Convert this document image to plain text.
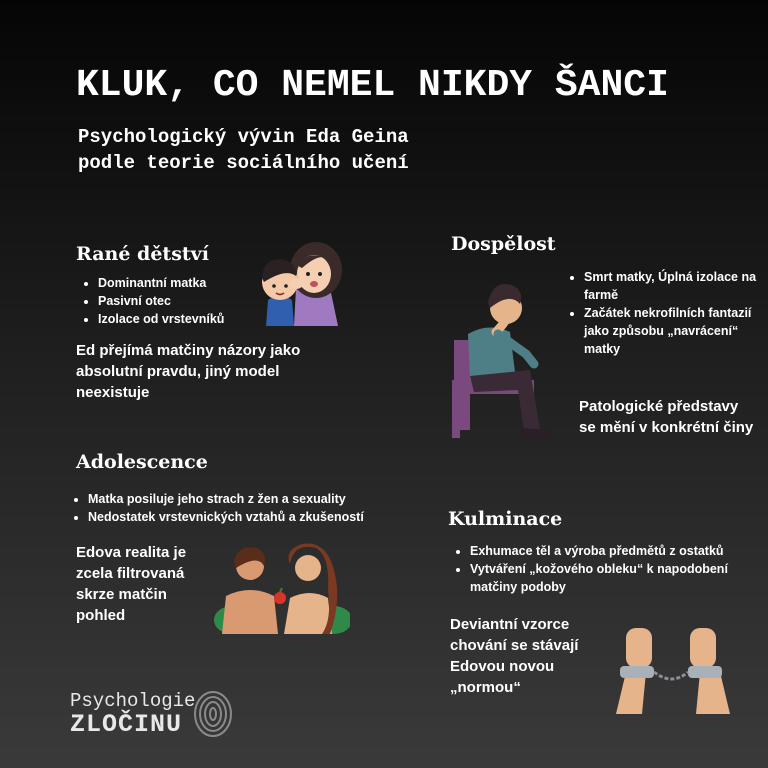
KLUK, CO NEMEL NIKDY ŠANCI
Psychologický vývin Eda Geina
podle teorie sociálního učení
Rané dětství
• Dominantní matka
• Pasivní otec
• Izolace od vrstevníků
Ed přejímá matčiny názory jako absolutní pravdu, jiný model neexistuje
Adolescence
• Matka posiluje jeho strach z žen a sexuality
• Nedostatek vrstevnických vztahů a zkušeností
Edova realita je zcela filtrovaná skrze matčin pohled
Dospělost
• Smrt matky, Úplná izolace na farmě
• Začátek nekrofilních fantazií jako způsobu „navrácení“ matky
Patologické představy se mění v konkrétní činy
Kulminace
• Exhumace těl a výroba předmětů z ostatků
• Vytváření „kožového obleku“ k napodobení matčiny podoby
Deviantní vzorce chování se stávají Edovou novou „normou“
Psychologie
ZLOČINU
